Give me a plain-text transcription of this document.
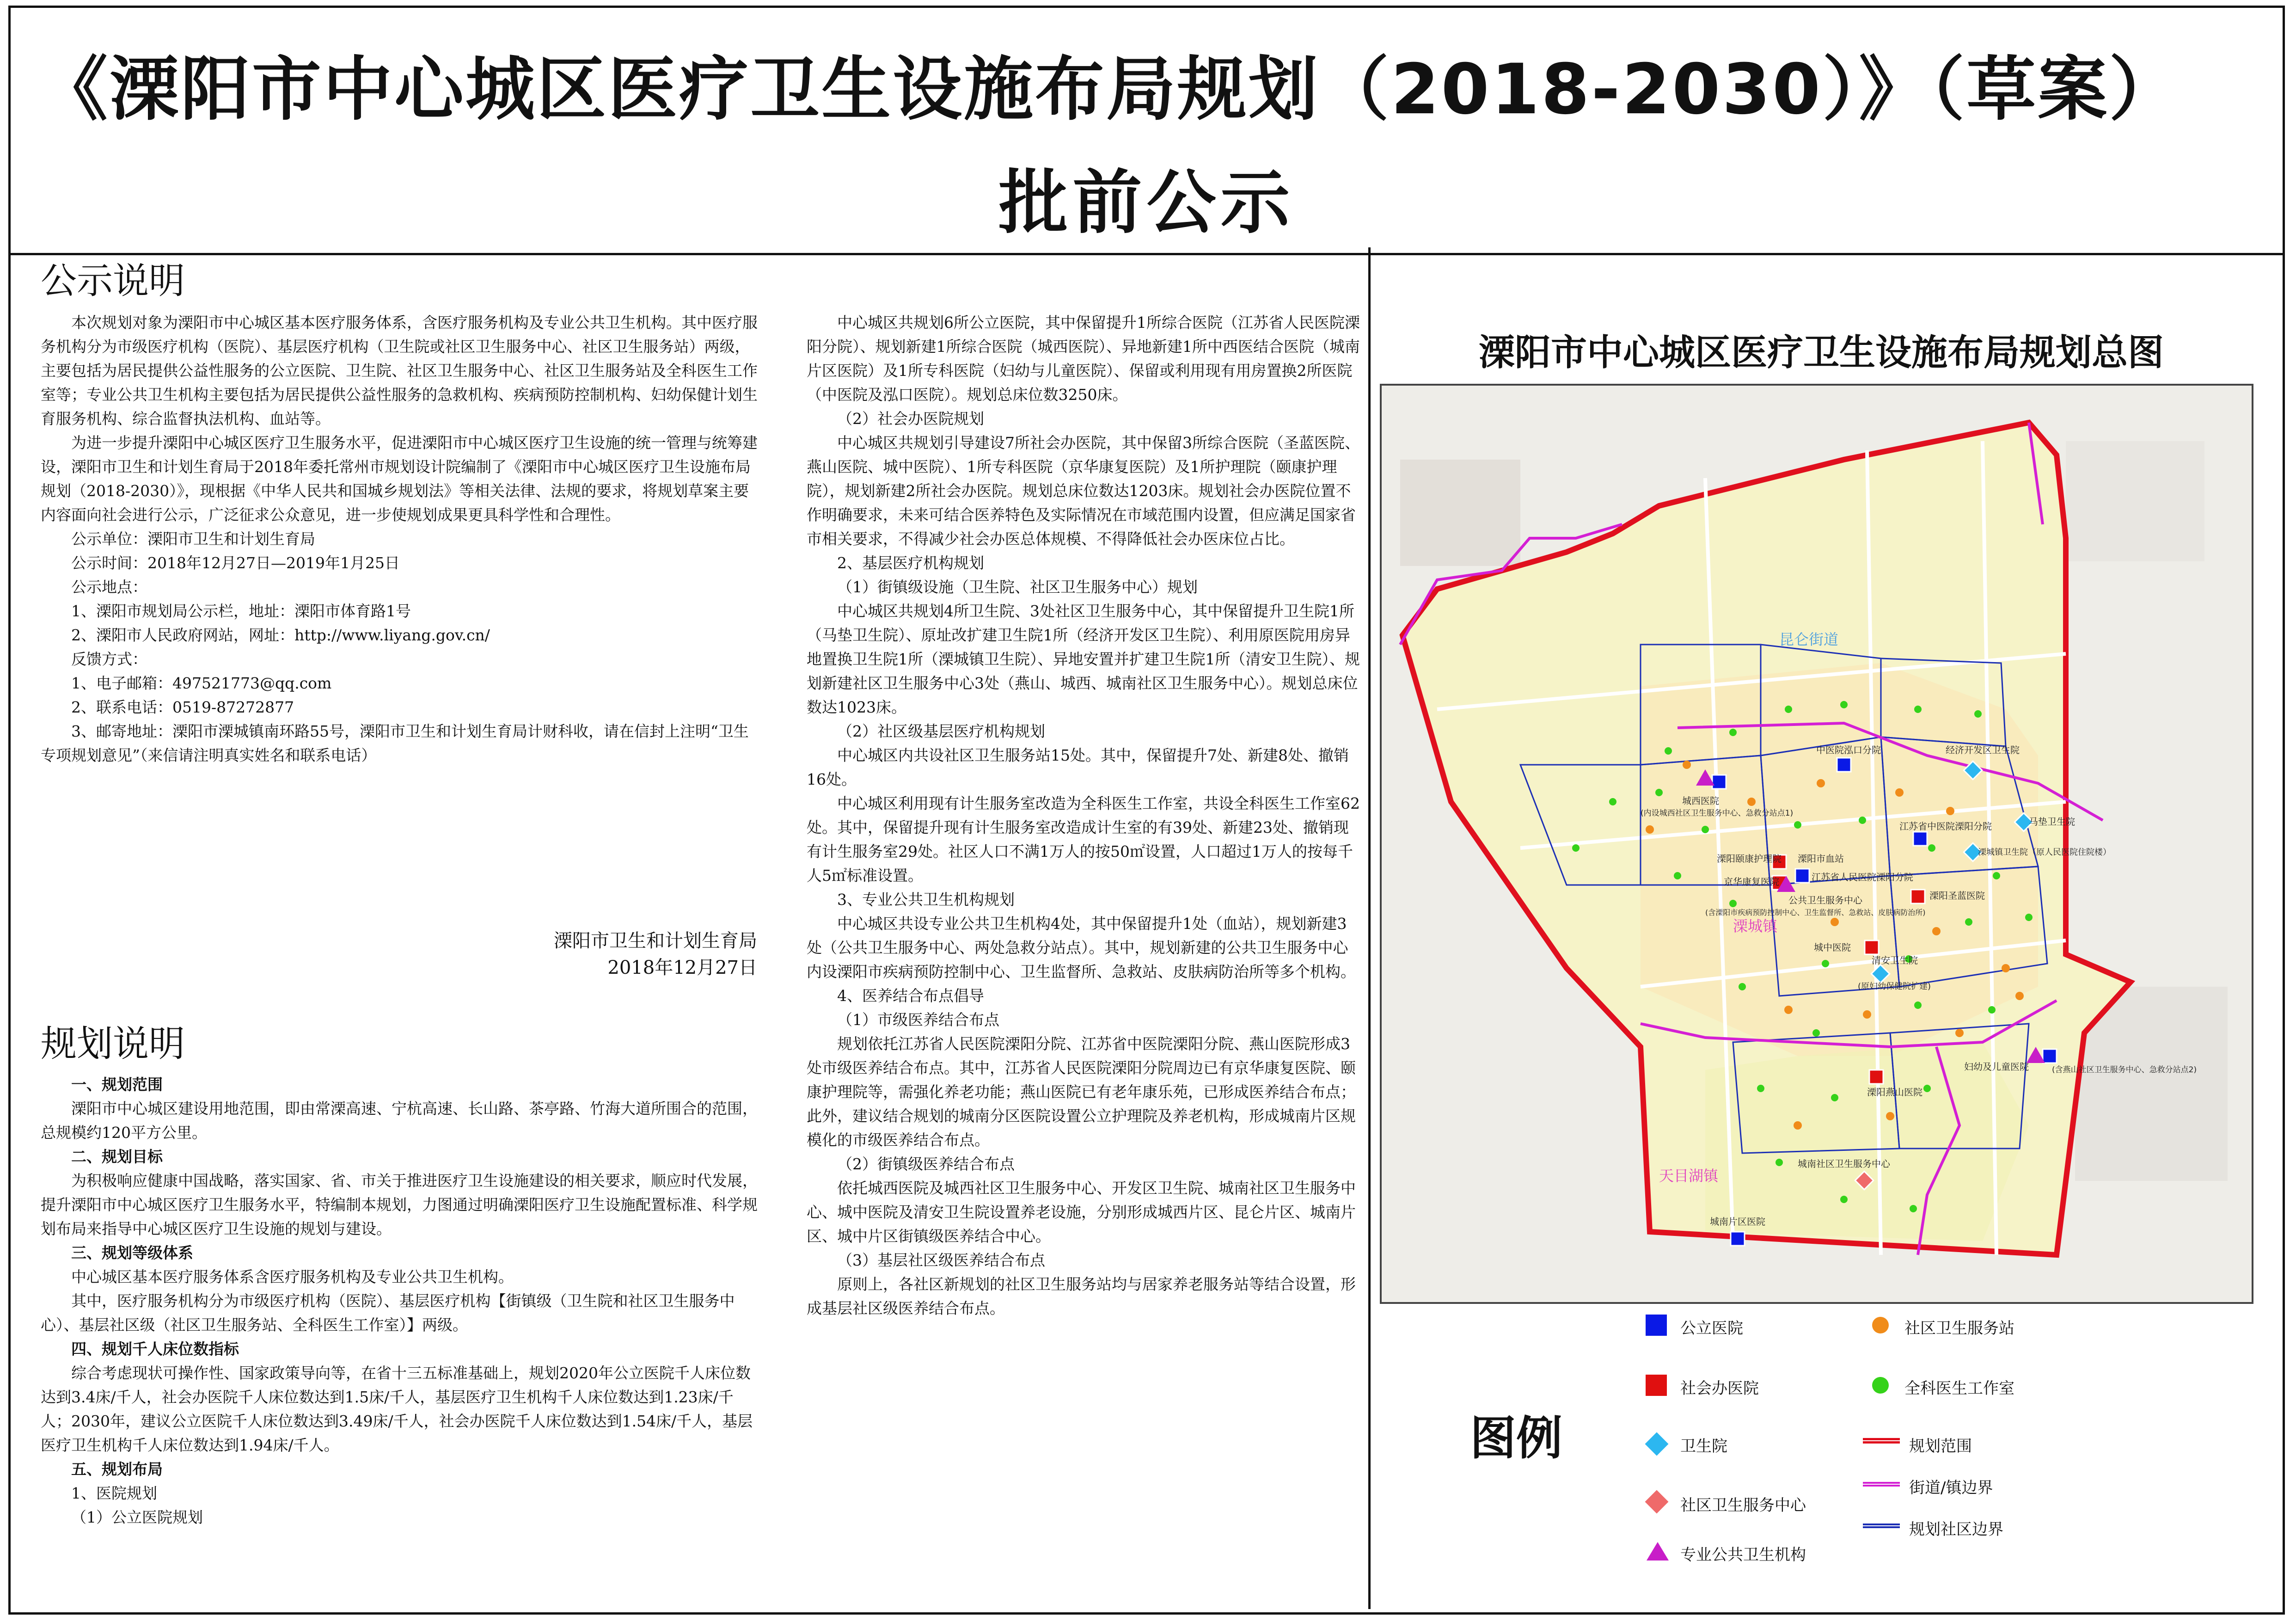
《溧阳市中心城区医疗卫生设施布局规划（2018-2030）》（草案）
批前公示
公示说明

本次规划对象为溧阳市中心城区基本医疗服务体系，含医疗服务机构及专业公共卫生机构。其中医疗服务机构分为市级医疗机构（医院）、基层医疗机构（卫生院或社区卫生服务中心、社区卫生服务站）两级，主要包括为居民提供公益性服务的公立医院、卫生院、社区卫生服务中心、社区卫生服务站及全科医生工作室等；专业公共卫生机构主要包括为居民提供公益性服务的急救机构、疾病预防控制机构、妇幼保健计划生育服务机构、综合监督执法机构、血站等。

为进一步提升溧阳中心城区医疗卫生服务水平，促进溧阳市中心城区医疗卫生设施的统一管理与统筹建设，溧阳市卫生和计划生育局于2018年委托常州市规划设计院编制了《溧阳市中心城区医疗卫生设施布局规划（2018-2030）》，现根据《中华人民共和国城乡规划法》等相关法律、法规的要求，将规划草案主要内容面向社会进行公示，广泛征求公众意见，进一步使规划成果更具科学性和合理性。

公示单位：溧阳市卫生和计划生育局

公示时间：2018年12月27日—2019年1月25日

公示地点：

1、溧阳市规划局公示栏，地址：溧阳市体育路1号

2、溧阳市人民政府网站，网址：http://www.liyang.gov.cn/

反馈方式：

1、电子邮箱：497521773@qq.com

2、联系电话：0519-87272877

3、邮寄地址：溧阳市溧城镇南环路55号，溧阳市卫生和计划生育局计财科收，请在信封上注明“卫生专项规划意见”（来信请注明真实姓名和联系电话）

溧阳市卫生和计划生育局

2018年12月27日

规划说明

一、规划范围

溧阳市中心城区建设用地范围，即由常溧高速、宁杭高速、长山路、茶亭路、竹海大道所围合的范围，总规模约120平方公里。

二、规划目标

为积极响应健康中国战略，落实国家、省、市关于推进医疗卫生设施建设的相关要求，顺应时代发展，提升溧阳市中心城区医疗卫生服务水平，特编制本规划，力图通过明确溧阳医疗卫生设施配置标准、科学规划布局来指导中心城区医疗卫生设施的规划与建设。

三、规划等级体系

中心城区基本医疗服务体系含医疗服务机构及专业公共卫生机构。

其中，医疗服务机构分为市级医疗机构（医院）、基层医疗机构【街镇级（卫生院和社区卫生服务中心）、基层社区级（社区卫生服务站、全科医生工作室）】两级。

四、规划千人床位数指标

综合考虑现状可操作性、国家政策导向等，在省十三五标准基础上，规划2020年公立医院千人床位数达到3.4床/千人，社会办医院千人床位数达到1.5床/千人，基层医疗卫生机构千人床位数达到1.23床/千人；2030年，建议公立医院千人床位数达到3.49床/千人，社会办医院千人床位数达到1.54床/千人，基层医疗卫生机构千人床位数达到1.94床/千人。

五、规划布局

1、医院规划

（1）公立医院规划

中心城区共规划6所公立医院，其中保留提升1所综合医院（江苏省人民医院溧阳分院）、规划新建1所综合医院（城西医院）、异地新建1所中西医结合医院（城南片区医院）及1所专科医院（妇幼与儿童医院）、保留或利用现有用房置换2所医院（中医院及泓口医院）。规划总床位数3250床。

（2）社会办医院规划

中心城区共规划引导建设7所社会办医院，其中保留3所综合医院（圣蓝医院、燕山医院、城中医院）、1所专科医院（京华康复医院）及1所护理院（颐康护理院），规划新建2所社会办医院。规划总床位数达1203床。规划社会办医院位置不作明确要求，未来可结合医养特色及实际情况在市域范围内设置，但应满足国家省市相关要求，不得减少社会办医总体规模、不得降低社会办医床位占比。

2、基层医疗机构规划

（1）街镇级设施（卫生院、社区卫生服务中心）规划

中心城区共规划4所卫生院、3处社区卫生服务中心，其中保留提升卫生院1所（马垫卫生院）、原址改扩建卫生院1所（经济开发区卫生院）、利用原医院用房异地置换卫生院1所（溧城镇卫生院）、异地安置并扩建卫生院1所（清安卫生院）、规划新建社区卫生服务中心3处（燕山、城西、城南社区卫生服务中心）。规划总床位数达1023床。

（2）社区级基层医疗机构规划

中心城区内共设社区卫生服务站15处。其中，保留提升7处、新建8处、撤销16处。

中心城区利用现有计生服务室改造为全科医生工作室，共设全科医生工作室62处。其中，保留提升现有计生服务室改造成计生室的有39处、新建23处、撤销现有计生服务室29处。社区人口不满1万人的按50㎡设置，人口超过1万人的按每千人5㎡标准设置。

3、专业公共卫生机构规划

中心城区共设专业公共卫生机构4处，其中保留提升1处（血站），规划新建3处（公共卫生服务中心、两处急救分站点）。其中，规划新建的公共卫生服务中心内设溧阳市疾病预防控制中心、卫生监督所、急救站、皮肤病防治所等多个机构。

4、医养结合布点倡导

（1）市级医养结合布点

规划依托江苏省人民医院溧阳分院、江苏省中医院溧阳分院、燕山医院形成3处市级医养结合布点。其中，江苏省人民医院溧阳分院周边已有京华康复医院、颐康护理院等，需强化养老功能；燕山医院已有老年康乐苑，已形成医养结合布点；此外，建议结合规划的城南分区医院设置公立护理院及养老机构，形成城南片区规模化的市级医养结合布点。

（2）街镇级医养结合布点

依托城西医院及城西社区卫生服务中心、开发区卫生院、城南社区卫生服务中心、城中医院及清安卫生院设置养老设施，分别形成城西片区、昆仑片区、城南片区、城中片区街镇级医养结合中心。

（3）基层社区级医养结合布点

原则上，各社区新规划的社区卫生服务站均与居家养老服务站等结合设置，形成基层社区级医养结合布点。

溧阳市中心城区医疗卫生设施布局规划总图
昆仑街道
溧城镇
天目湖镇
中医院泓口分院	经济开发区卫生院
城西医院
(内设城西社区卫生服务中心、急救分站点1)
江苏省中医院溧阳分院	马垫卫生院
溧城镇卫生院（原人民医院住院楼）
溧阳颐康护理院 溧阳市血站
京华康复医院	江苏省人民医院溧阳分院
溧阳圣蓝医院
公共卫生服务中心
(含溧阳市疾病预防控制中心、卫生监督所、急救站、皮肤病防治所)
城中医院
清安卫生院
(原妇幼保健院扩建)
妇幼及儿童医院	(含燕山社区卫生服务中心、急救分站点2)
溧阳燕山医院
城南社区卫生服务中心
城南片区医院
图例
公立医院	社区卫生服务站
社会办医院	全科医生工作室
卫生院	规划范围
社区卫生服务中心
街道/镇边界
规划社区边界
专业公共卫生机构
